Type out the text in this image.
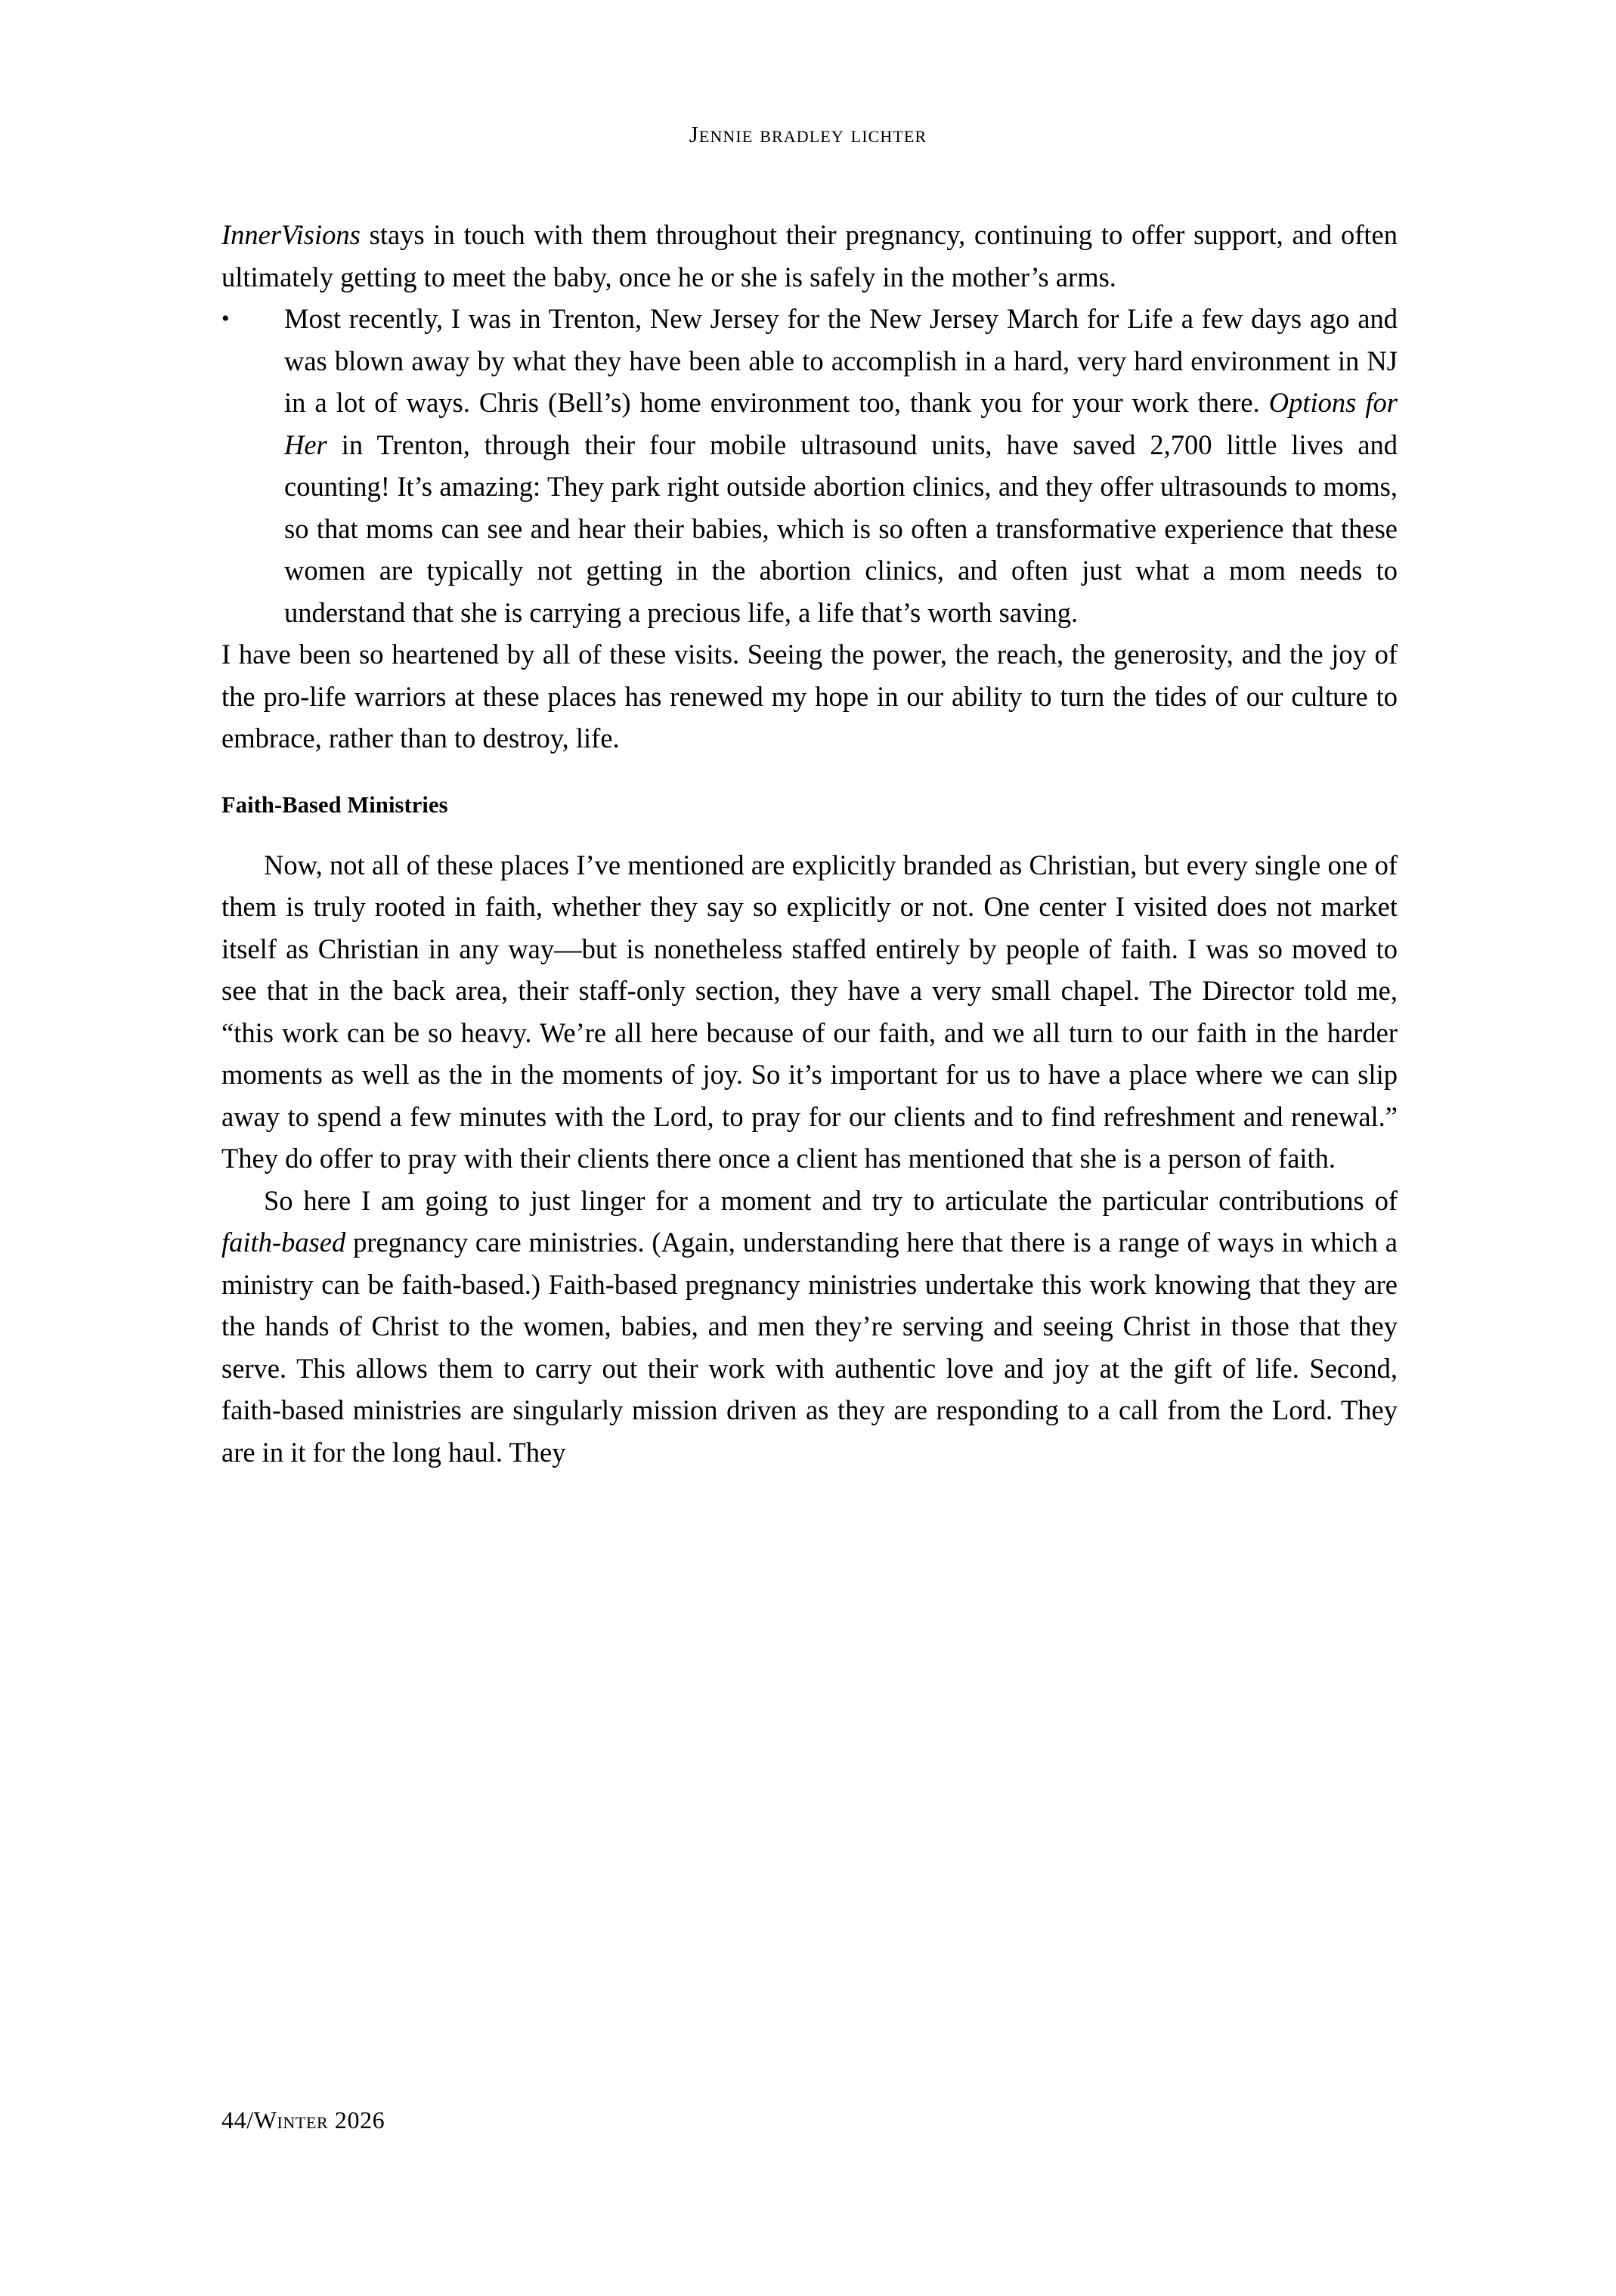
Jennie bradley lichter

InnerVisions stays in touch with them throughout their pregnancy, continuing to offer support, and often ultimately getting to meet the baby, once he or she is safely in the mother’s arms.

•	Most recently, I was in Trenton, New Jersey for the New Jersey March for Life a few days ago and was blown away by what they have been able to accomplish in a hard, very hard environment in NJ in a lot of ways. Chris (Bell’s) home environment too, thank you for your work there. Options for Her in Trenton, through their four mobile ultrasound units, have saved 2,700 little lives and counting! It’s amazing: They park right outside abortion clinics, and they offer ultrasounds to moms, so that moms can see and hear their babies, which is so often a transformative experience that these women are typically not getting in the abortion clinics, and often just what a mom needs to understand that she is carrying a precious life, a life that’s worth saving.

I have been so heartened by all of these visits. Seeing the power, the reach, the generosity, and the joy of the pro-life warriors at these places has renewed my hope in our ability to turn the tides of our culture to embrace, rather than to destroy, life.

Faith-Based Ministries

Now, not all of these places I’ve mentioned are explicitly branded as Christian, but every single one of them is truly rooted in faith, whether they say so explicitly or not. One center I visited does not market itself as Christian in any way—but is nonetheless staffed entirely by people of faith. I was so moved to see that in the back area, their staff-only section, they have a very small chapel. The Director told me, “this work can be so heavy. We’re all here because of our faith, and we all turn to our faith in the harder moments as well as the in the moments of joy. So it’s important for us to have a place where we can slip away to spend a few minutes with the Lord, to pray for our clients and to find refreshment and renewal.” They do offer to pray with their clients there once a client has mentioned that she is a person of faith.

So here I am going to just linger for a moment and try to articulate the particular contributions of faith-based pregnancy care ministries. (Again, understanding here that there is a range of ways in which a ministry can be faith-based.) Faith-based pregnancy ministries undertake this work knowing that they are the hands of Christ to the women, babies, and men they’re serving and seeing Christ in those that they serve. This allows them to carry out their work with authentic love and joy at the gift of life. Second, faith-based ministries are singularly mission driven as they are responding to a call from the Lord. They are in it for the long haul. They

44/Winter 2026
